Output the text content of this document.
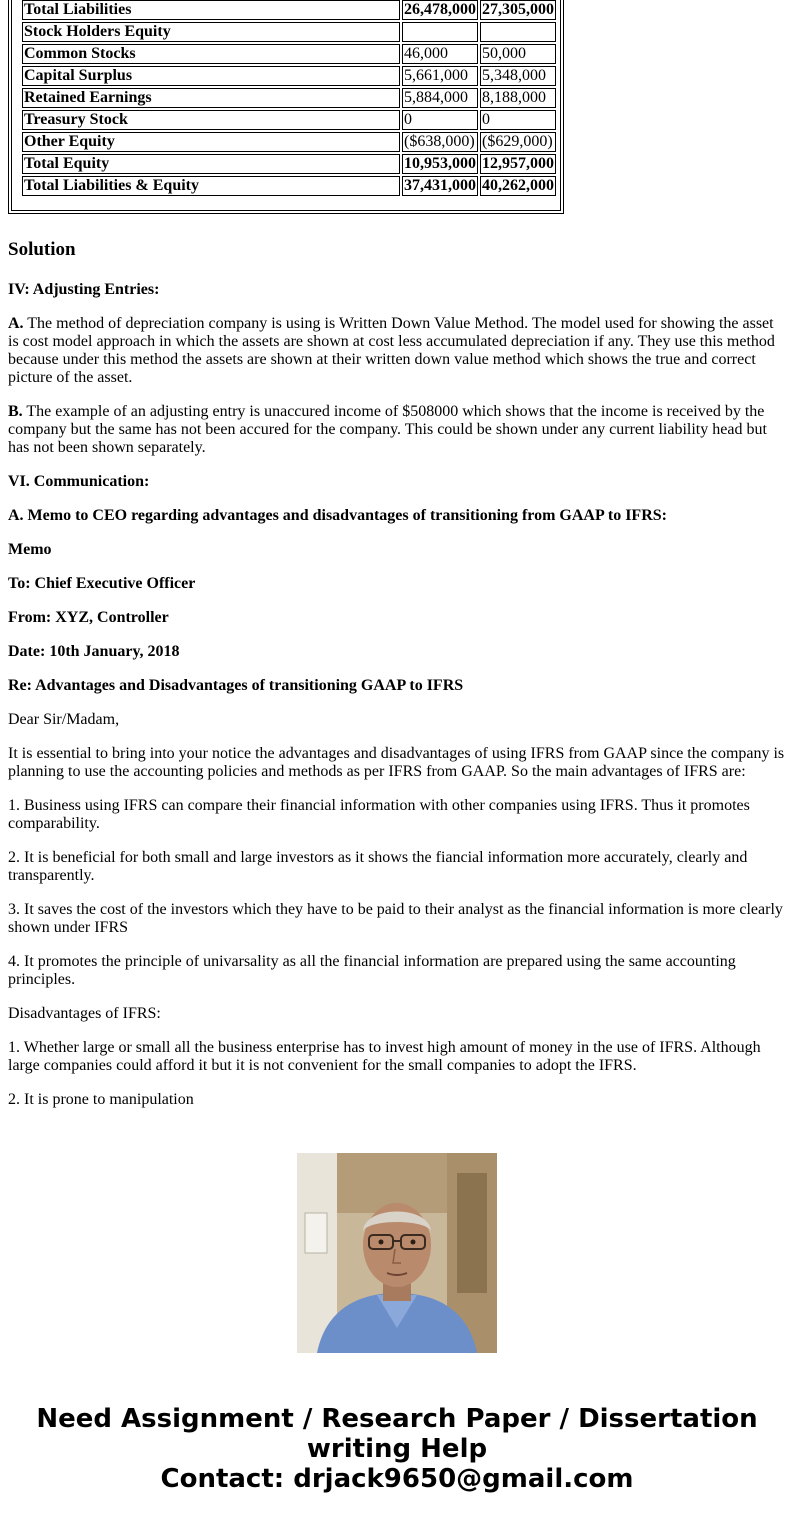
Total Liabilities	26,478,000	27,305,000
Stock Holders Equity		
Common Stocks	46,000	50,000
Capital Surplus	5,661,000	5,348,000
Retained Earnings	5,884,000	8,188,000
Treasury Stock	0	0
Other Equity	($638,000)	($629,000)
Total Equity	10,953,000	12,957,000
Total Liabilities & Equity	37,431,000	40,262,000
Solution

IV: Adjusting Entries:

A. The method of depreciation company is using is Written Down Value Method. The model used for showing the asset is cost model approach in which the assets are shown at cost less accumulated depreciation if any. They use this method because under this method the assets are shown at their written down value method which shows the true and correct picture of the asset.

B. The example of an adjusting entry is unaccured income of $508000 which shows that the income is received by the company but the same has not been accured for the company. This could be shown under any current liability head but has not been shown separately.

VI. Communication:

A. Memo to CEO regarding advantages and disadvantages of transitioning from GAAP to IFRS:

Memo

To: Chief Executive Officer

From: XYZ, Controller

Date: 10th January, 2018

Re: Advantages and Disadvantages of transitioning GAAP to IFRS

Dear Sir/Madam,

It is essential to bring into your notice the advantages and disadvantages of using IFRS from GAAP since the company is planning to use the accounting policies and methods as per IFRS from GAAP. So the main advantages of IFRS are:

1. Business using IFRS can compare their financial information with other companies using IFRS. Thus it promotes comparability.

2. It is beneficial for both small and large investors as it shows the fiancial information more accurately, clearly and transparently.

3. It saves the cost of the investors which they have to be paid to their analyst as the financial information is more clearly shown under IFRS

4. It promotes the principle of univarsality as all the financial information are prepared using the same accounting principles.

Disadvantages of IFRS:

1. Whether large or small all the business enterprise has to invest high amount of money in the use of IFRS. Although large companies could afford it but it is not convenient for the small companies to adopt the IFRS.

2. It is prone to manipulation

Need Assignment / Research Paper / Dissertation
writing Help
Contact: drjack9650@gmail.com
